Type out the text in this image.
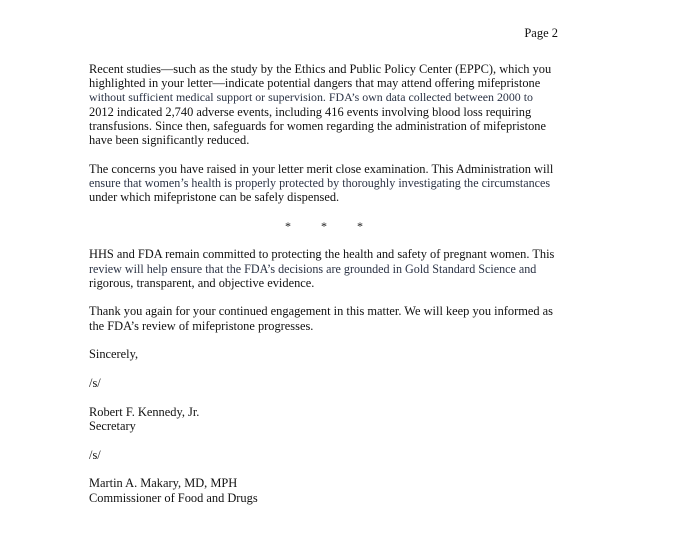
Page 2
Recent studies—such as the study by the Ethics and Public Policy Center (EPPC), which you
highlighted in your letter—indicate potential dangers that may attend offering mifepristone
without sufficient medical support or supervision. FDA’s own data collected between 2000 to
2012 indicated 2,740 adverse events, including 416 events involving blood loss requiring
transfusions. Since then, safeguards for women regarding the administration of mifepristone
have been significantly reduced.
The concerns you have raised in your letter merit close examination. This Administration will
ensure that women’s health is properly protected by thoroughly investigating the circumstances
under which mifepristone can be safely dispensed.
*	*	*
HHS and FDA remain committed to protecting the health and safety of pregnant women. This
review will help ensure that the FDA’s decisions are grounded in Gold Standard Science and
rigorous, transparent, and objective evidence.
Thank you again for your continued engagement in this matter. We will keep you informed as
the FDA’s review of mifepristone progresses.
Sincerely,
/s/
Robert F. Kennedy, Jr.
Secretary
/s/
Martin A. Makary, MD, MPH
Commissioner of Food and Drugs
